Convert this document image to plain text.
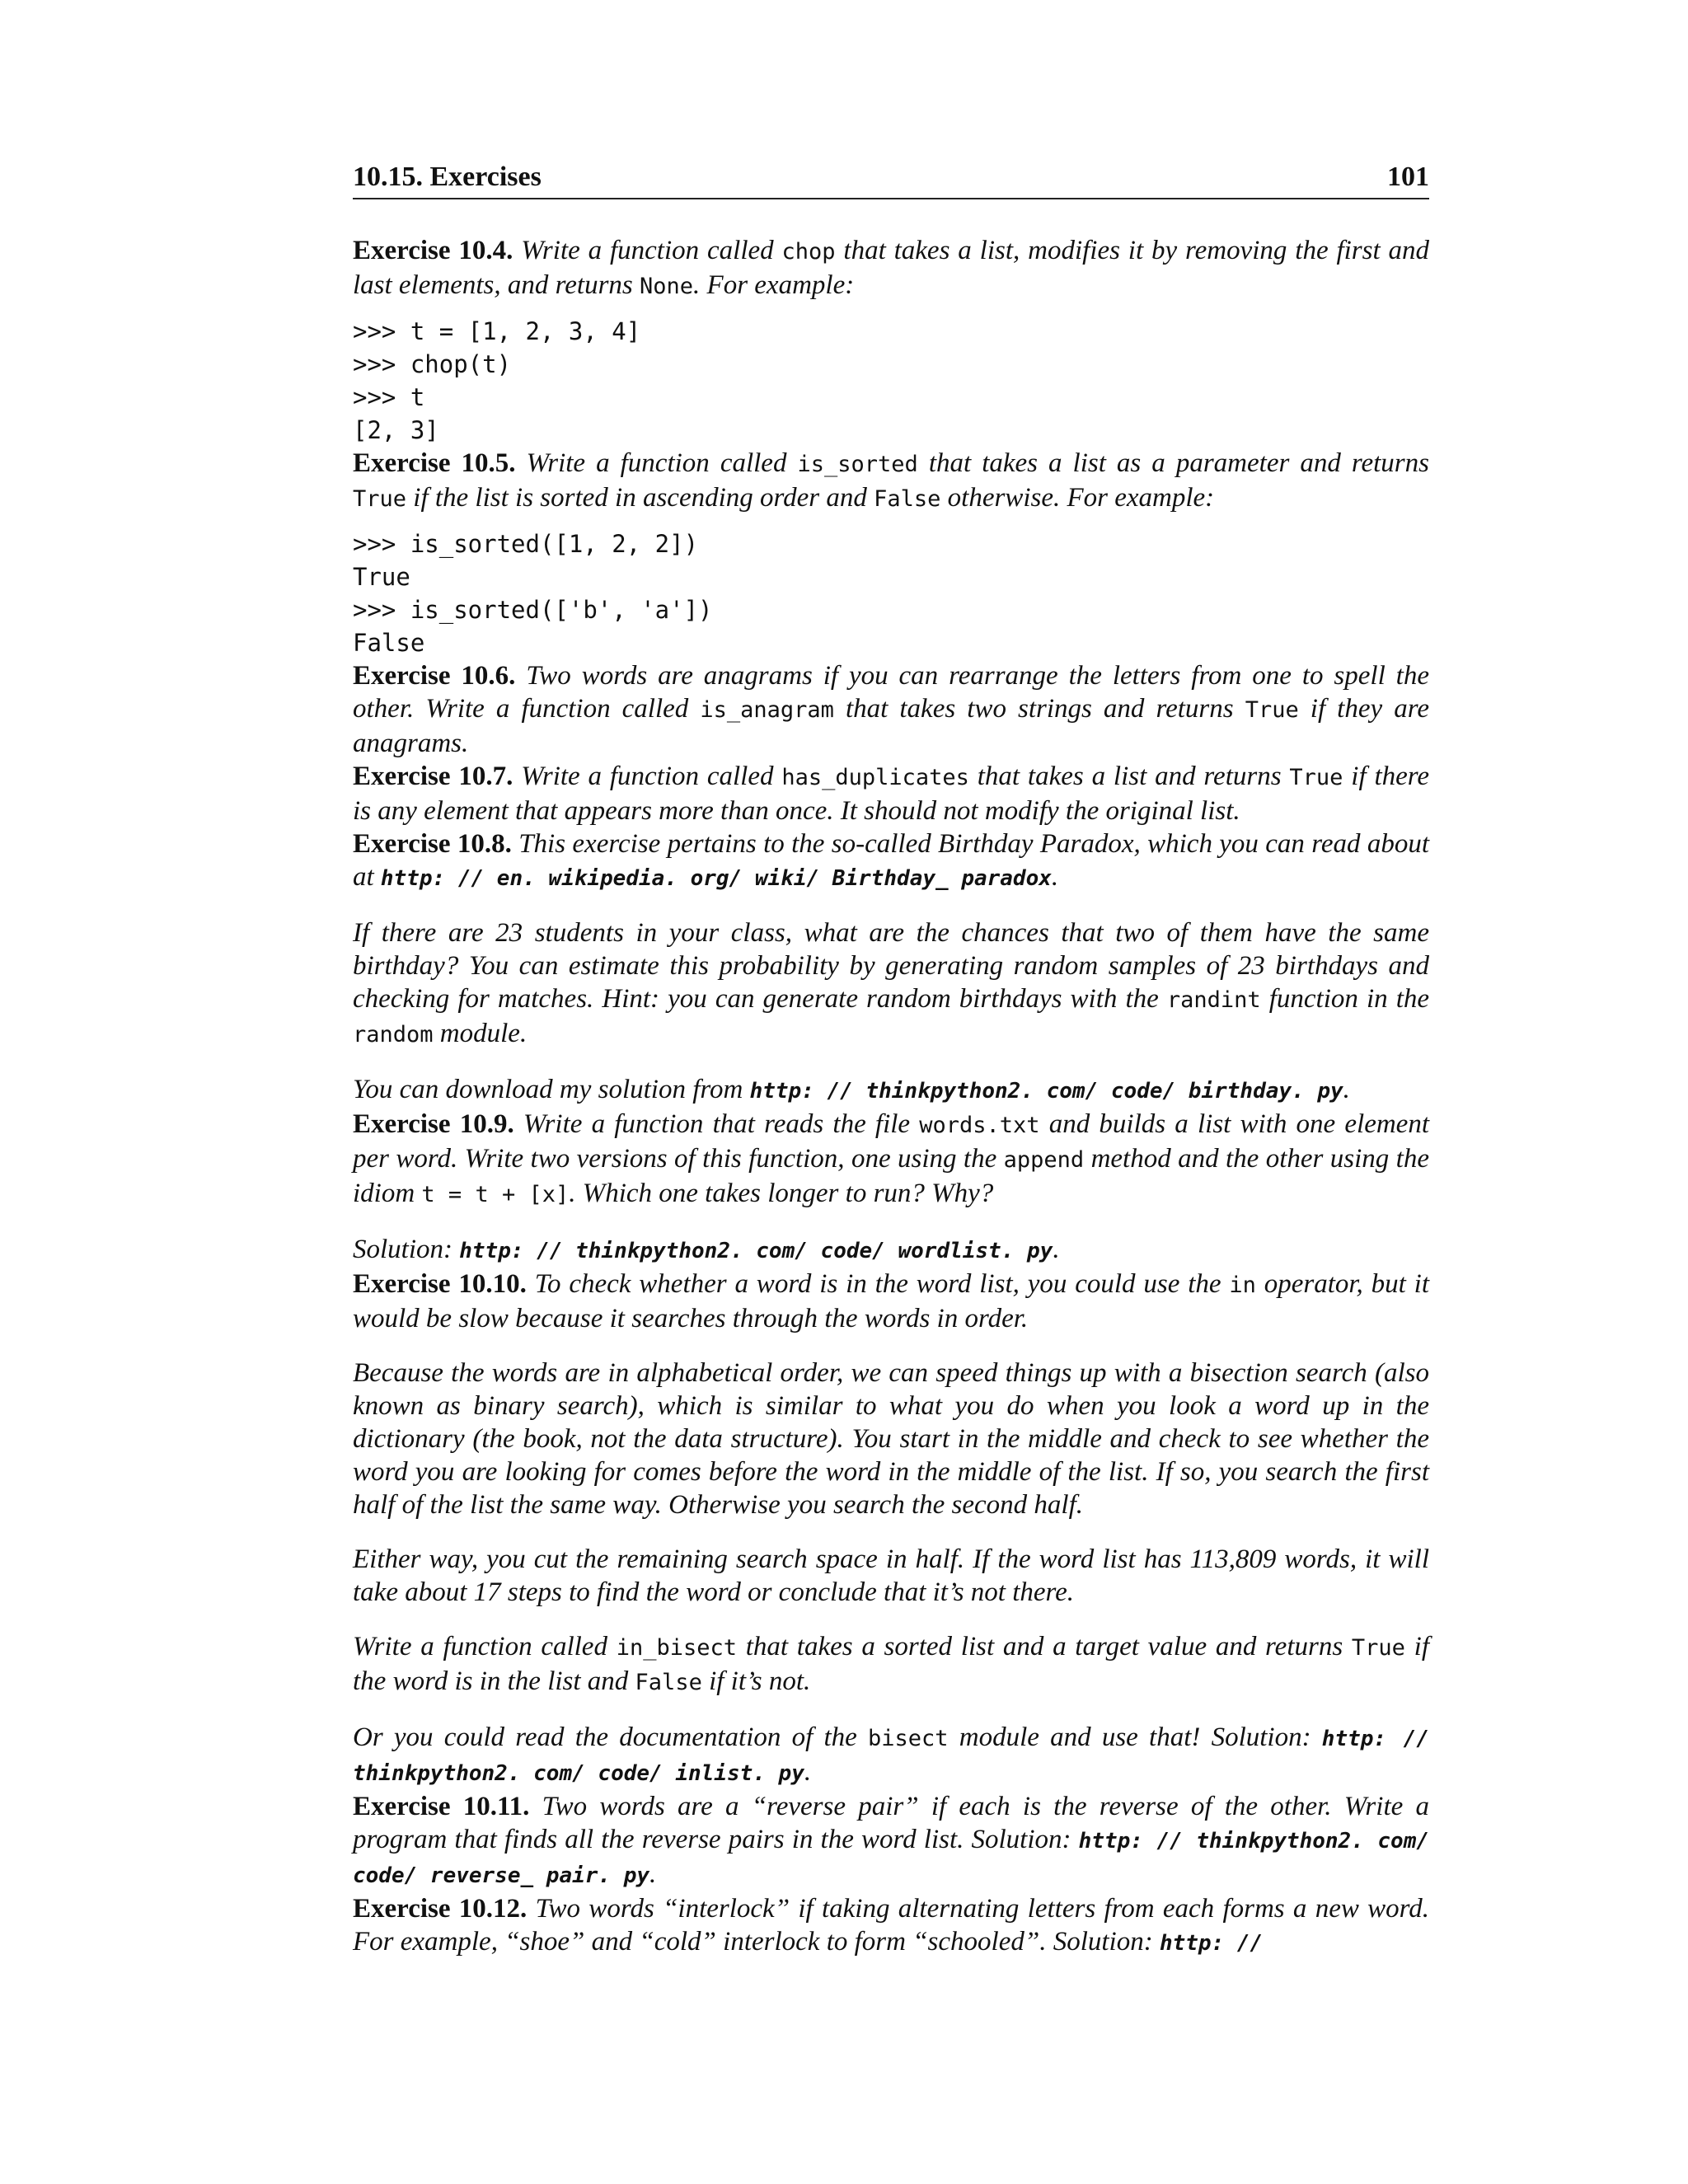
10.15. Exercises	101

Exercise 10.4. Write a function called chop that takes a list, modifies it by removing the first and last elements, and returns None. For example:

>>> t = [1, 2, 3, 4]
>>> chop(t)
>>> t
[2, 3]

Exercise 10.5. Write a function called is_sorted that takes a list as a parameter and returns True if the list is sorted in ascending order and False otherwise. For example:

>>> is_sorted([1, 2, 2])
True
>>> is_sorted(['b', 'a'])
False

Exercise 10.6. Two words are anagrams if you can rearrange the letters from one to spell the other. Write a function called is_anagram that takes two strings and returns True if they are anagrams.

Exercise 10.7. Write a function called has_duplicates that takes a list and returns True if there is any element that appears more than once. It should not modify the original list.

Exercise 10.8. This exercise pertains to the so-called Birthday Paradox, which you can read about at http: // en. wikipedia. org/ wiki/ Birthday_ paradox.

If there are 23 students in your class, what are the chances that two of them have the same birthday? You can estimate this probability by generating random samples of 23 birthdays and checking for matches. Hint: you can generate random birthdays with the randint function in the random module.

You can download my solution from http: // thinkpython2. com/ code/ birthday. py.

Exercise 10.9. Write a function that reads the file words.txt and builds a list with one element per word. Write two versions of this function, one using the append method and the other using the idiom t = t + [x]. Which one takes longer to run? Why?

Solution: http: // thinkpython2. com/ code/ wordlist. py.

Exercise 10.10. To check whether a word is in the word list, you could use the in operator, but it would be slow because it searches through the words in order.

Because the words are in alphabetical order, we can speed things up with a bisection search (also known as binary search), which is similar to what you do when you look a word up in the dictionary (the book, not the data structure). You start in the middle and check to see whether the word you are looking for comes before the word in the middle of the list. If so, you search the first half of the list the same way. Otherwise you search the second half.

Either way, you cut the remaining search space in half. If the word list has 113,809 words, it will take about 17 steps to find the word or conclude that it’s not there.

Write a function called in_bisect that takes a sorted list and a target value and returns True if the word is in the list and False if it’s not.

Or you could read the documentation of the bisect module and use that! Solution: http: // thinkpython2. com/ code/ inlist. py.

Exercise 10.11. Two words are a “reverse pair” if each is the reverse of the other. Write a program that finds all the reverse pairs in the word list. Solution: http: // thinkpython2. com/ code/ reverse_ pair. py.

Exercise 10.12. Two words “interlock” if taking alternating letters from each forms a new word. For example, “shoe” and “cold” interlock to form “schooled”. Solution: http: //
